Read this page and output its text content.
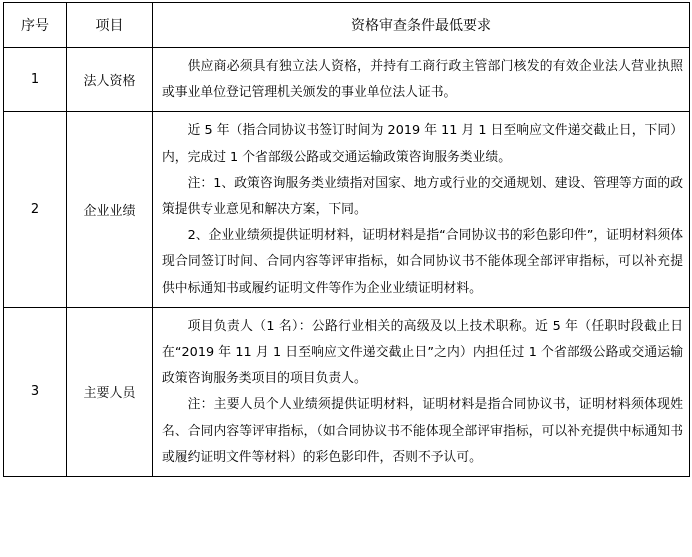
序号	项目	资格审查条件最低要求
1	法人资格	供应商必须具有独立法人资格，并持有工商行政主管部门核发的有效企业法人营业执照或事业单位登记管理机关颁发的事业单位法人证书。

2	企业业绩	近 5 年（指合同协议书签订时间为 2019 年 11 月 1 日至响应文件递交截止日，下同）内，完成过 1 个省部级公路或交通运输政策咨询服务类业绩。

注：1、政策咨询服务类业绩指对国家、地方或行业的交通规划、建设、管理等方面的政策提供专业意见和解决方案，下同。

2、企业业绩须提供证明材料，证明材料是指“合同协议书的彩色影印件”，证明材料须体现合同签订时间、合同内容等评审指标，如合同协议书不能体现全部评审指标，可以补充提供中标通知书或履约证明文件等作为企业业绩证明材料。

3	主要人员	项目负责人（1 名）：公路行业相关的高级及以上技术职称。近 5 年（任职时段截止日在“2019 年 11 月 1 日至响应文件递交截止日”之内）内担任过 1 个省部级公路或交通运输政策咨询服务类项目的项目负责人。

注：主要人员个人业绩须提供证明材料，证明材料是指合同协议书，证明材料须体现姓名、合同内容等评审指标，（如合同协议书不能体现全部评审指标，可以补充提供中标通知书或履约证明文件等材料）的彩色影印件，否则不予认可。
